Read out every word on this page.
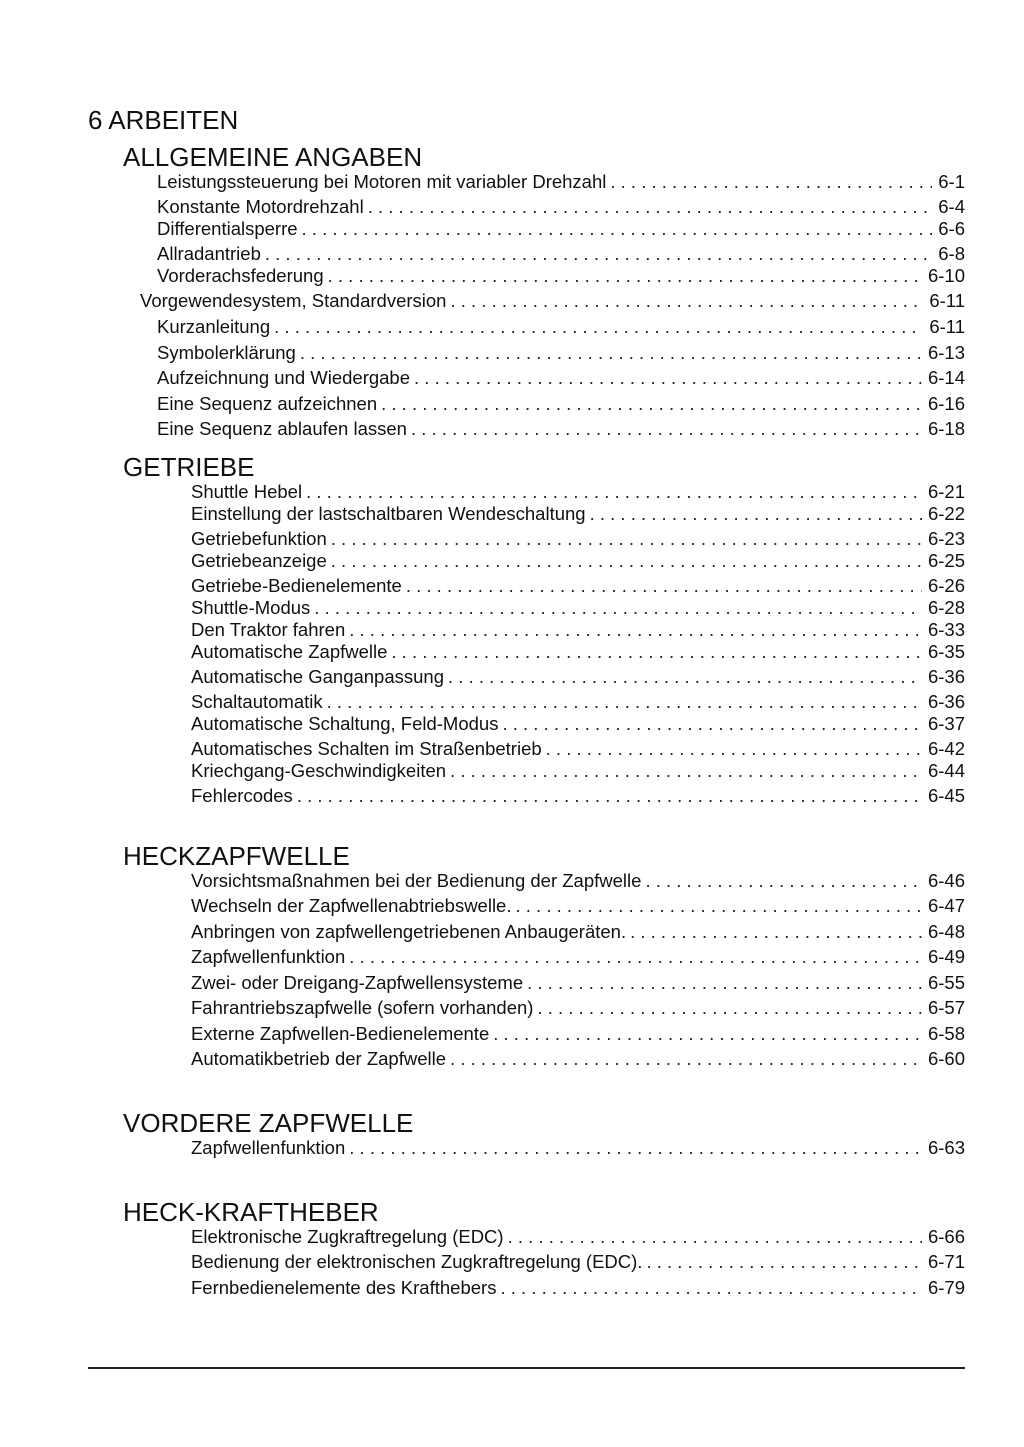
6 ARBEITEN
ALLGEMEINE ANGABEN
Leistungssteuerung bei Motoren mit variabler Drehzahl . . .	6-1
Konstante Motordrehzahl . . .	6-4
Differentialsperre . . .	6-6
Allradantrieb . . .	6-8
Vorderachsfederung . . .	6-10
Vorgewendesystem, Standardversion . . .	6-11
Kurzanleitung . . .	6-11
Symbolerklärung . . .	6-13
Aufzeichnung und Wiedergabe . . .	6-14
Eine Sequenz aufzeichnen . . .	6-16
Eine Sequenz ablaufen lassen . . .	6-18
GETRIEBE
Shuttle Hebel . . .	6-21
Einstellung der lastschaltbaren Wendeschaltung . . .	6-22
Getriebefunktion . . .	6-23
Getriebeanzeige . . .	6-25
Getriebe-Bedienelemente . . .	6-26
Shuttle-Modus . . .	6-28
Den Traktor fahren . . .	6-33
Automatische Zapfwelle . . .	6-35
Automatische Ganganpassung . . .	6-36
Schaltautomatik . . .	6-36
Automatische Schaltung, Feld-Modus . . .	6-37
Automatisches Schalten im Straßenbetrieb . . .	6-42
Kriechgang-Geschwindigkeiten . . .	6-44
Fehlercodes . . .	6-45
HECKZAPFWELLE
Vorsichtsmaßnahmen bei der Bedienung der Zapfwelle . . .	6-46
Wechseln der Zapfwellenabtriebswelle. . . .	6-47
Anbringen von zapfwellengetriebenen Anbaugeräten. . . .	6-48
Zapfwellenfunktion . . .	6-49
Zwei- oder Dreigang-Zapfwellensysteme . . .	6-55
Fahrantriebszapfwelle (sofern vorhanden) . . .	6-57
Externe Zapfwellen-Bedienelemente . . .	6-58
Automatikbetrieb der Zapfwelle . . .	6-60
VORDERE ZAPFWELLE
Zapfwellenfunktion . . .	6-63
HECK-KRAFTHEBER
Elektronische Zugkraftregelung (EDC) . . .	6-66
Bedienung der elektronischen Zugkraftregelung (EDC). . . .	6-71
Fernbedienelemente des Krafthebers . . .	6-79
